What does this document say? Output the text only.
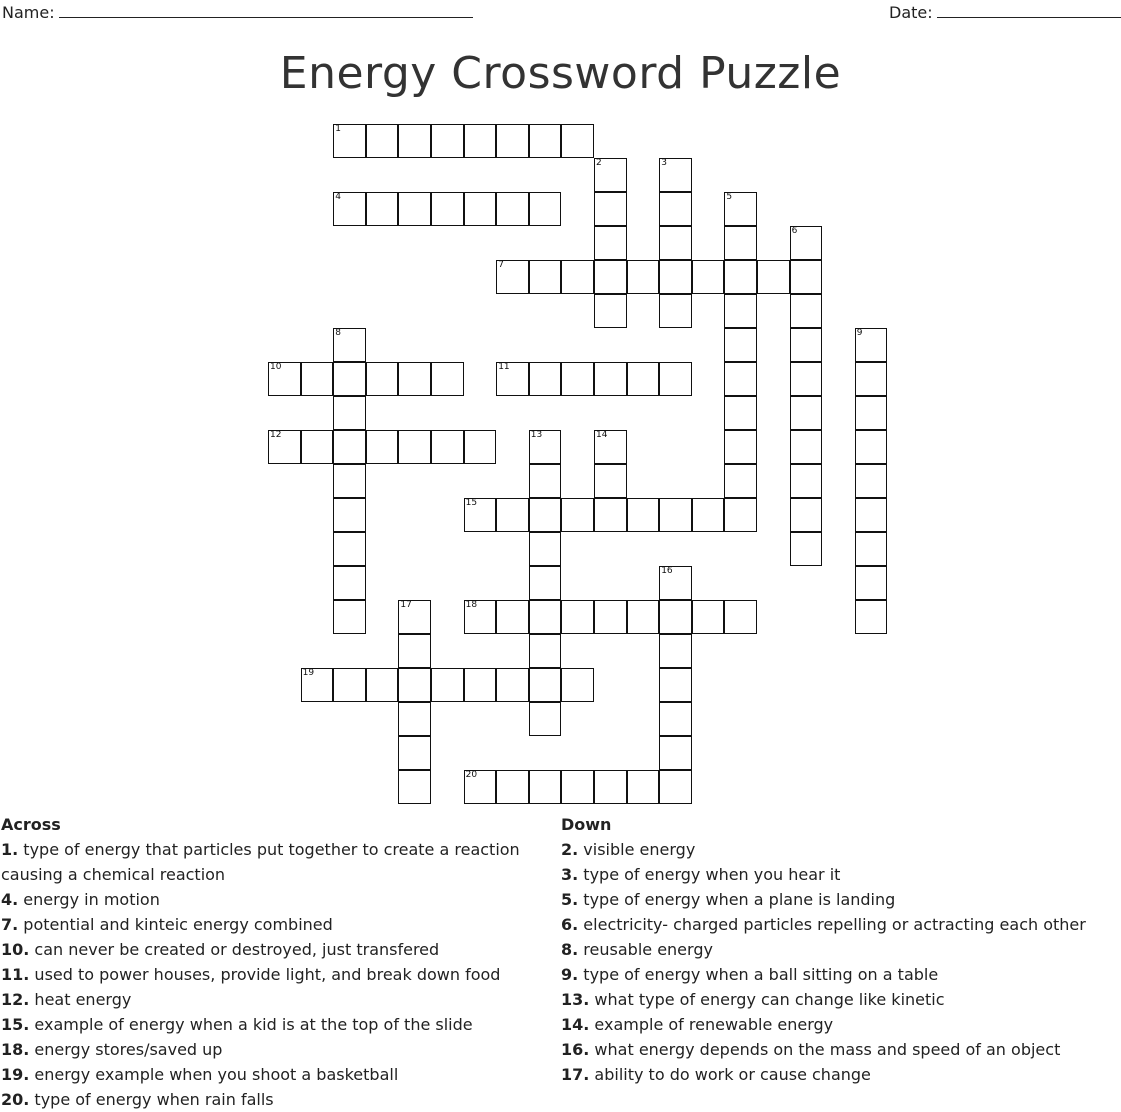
Name:	Date:
Energy Crossword Puzzle
1
4
7
10	11
12
15
18
19
20
2	3
5
6
8	9
13	14
16
17
Across
1. type of energy that particles put together to create a reaction causing a chemical reaction
4. energy in motion
7. potential and kinteic energy combined
10. can never be created or destroyed, just transfered
11. used to power houses, provide light, and break down food
12. heat energy
15. example of energy when a kid is at the top of the slide
18. energy stores/saved up
19. energy example when you shoot a basketball
20. type of energy when rain falls
Down
2. visible energy
3. type of energy when you hear it
5. type of energy when a plane is landing
6. electricity- charged particles repelling or actracting each other
8. reusable energy
9. type of energy when a ball sitting on a table
13. what type of energy can change like kinetic
14. example of renewable energy
16. what energy depends on the mass and speed of an object
17. ability to do work or cause change
